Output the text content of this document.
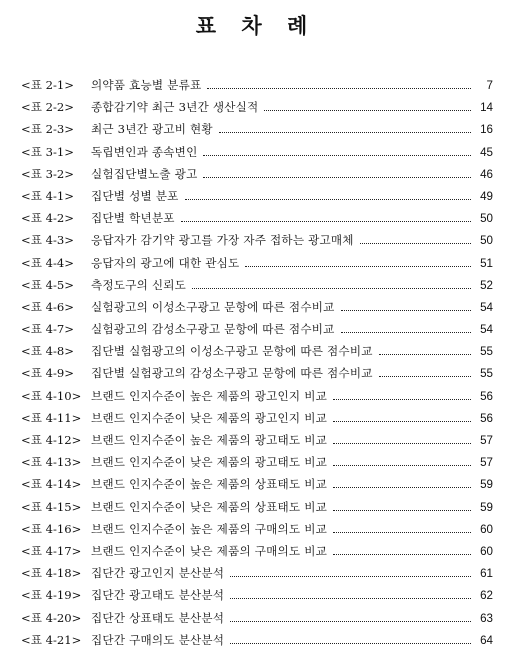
표 차 례
<표 2-1>	의약품 효능별 분류표	7
<표 2-2>	종합감기약 최근 3년간 생산실적	14
<표 2-3>	최근 3년간 광고비 현황	16
<표 3-1>	독립변인과 종속변인	45
<표 3-2>	실험집단별노출 광고	46
<표 4-1>	집단별 성별 분포	49
<표 4-2>	집단별 학년분포	50
<표 4-3>	응답자가 감기약 광고를 가장 자주 접하는 광고매체	50
<표 4-4>	응답자의 광고에 대한 관심도	51
<표 4-5>	측정도구의 신뢰도	52
<표 4-6>	실험광고의 이성소구광고 문항에 따른 점수비교	54
<표 4-7>	실험광고의 감성소구광고 문항에 따른 점수비교	54
<표 4-8>	집단별 실험광고의 이성소구광고 문항에 따른 점수비교	55
<표 4-9>	집단별 실험광고의 감성소구광고 문항에 따른 점수비교	55
<표 4-10> 브랜드 인지수준이 높은 제품의 광고인지 비교	56
<표 4-11> 브랜드 인지수준이 낮은 제품의 광고인지 비교	56
<표 4-12> 브랜드 인지수준이 높은 제품의 광고태도 비교	57
<표 4-13> 브랜드 인지수준이 낮은 제품의 광고태도 비교	57
<표 4-14> 브랜드 인지수준이 높은 제품의 상표태도 비교	59
<표 4-15> 브랜드 인지수준이 낮은 제품의 상표태도 비교	59
<표 4-16> 브랜드 인지수준이 높은 제품의 구매의도 비교	60
<표 4-17> 브랜드 인지수준이 낮은 제품의 구매의도 비교	60
<표 4-18> 집단간 광고인지 분산분석	61
<표 4-19> 집단간 광고태도 분산분석	62
<표 4-20> 집단간 상표태도 분산분석	63
<표 4-21> 집단간 구매의도 분산분석	64
